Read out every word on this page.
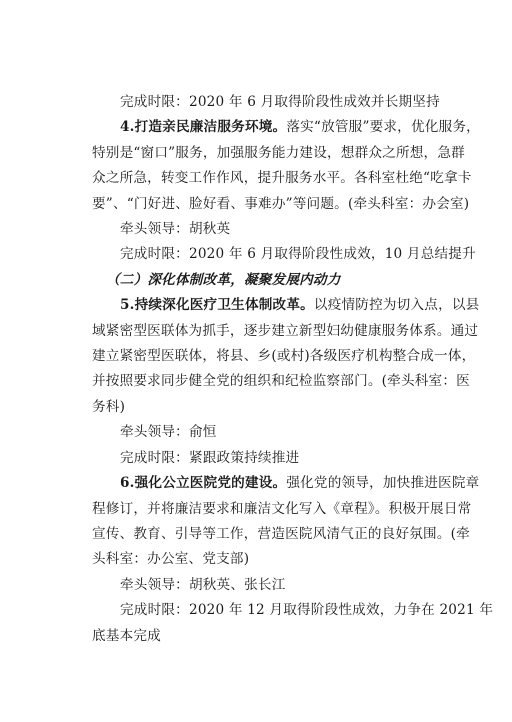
完成时限：2020 年 6 月取得阶段性成效并长期坚持
4.打造亲民廉洁服务环境。落实“放管服”要求，优化服务，
特别是“窗口”服务，加强服务能力建设，想群众之所想，急群
众之所急，转变工作作风，提升服务水平。各科室杜绝“吃拿卡
要”、“门好进、脸好看、事难办”等问题。(牵头科室：办会室)
牵头领导：胡秋英
完成时限：2020 年 6 月取得阶段性成效，10 月总结提升
（二）深化体制改革，凝聚发展内动力
5.持续深化医疗卫生体制改革。以疫情防控为切入点，以县
域紧密型医联体为抓手，逐步建立新型妇幼健康服务体系。通过
建立紧密型医联体，将县、乡(或村)各级医疗机构整合成一体，
并按照要求同步健全党的组织和纪检监察部门。(牵头科室：医
务科)
牵头领导：俞恒
完成时限：紧跟政策持续推进
6.强化公立医院党的建设。强化党的领导，加快推进医院章
程修订，并将廉洁要求和廉洁文化写入《章程》。积极开展日常
宣传、教育、引导等工作，营造医院风清气正的良好氛围。(牵
头科室：办公室、党支部)
牵头领导：胡秋英、张长江
完成时限：2020 年 12 月取得阶段性成效，力争在 2021 年
底基本完成
